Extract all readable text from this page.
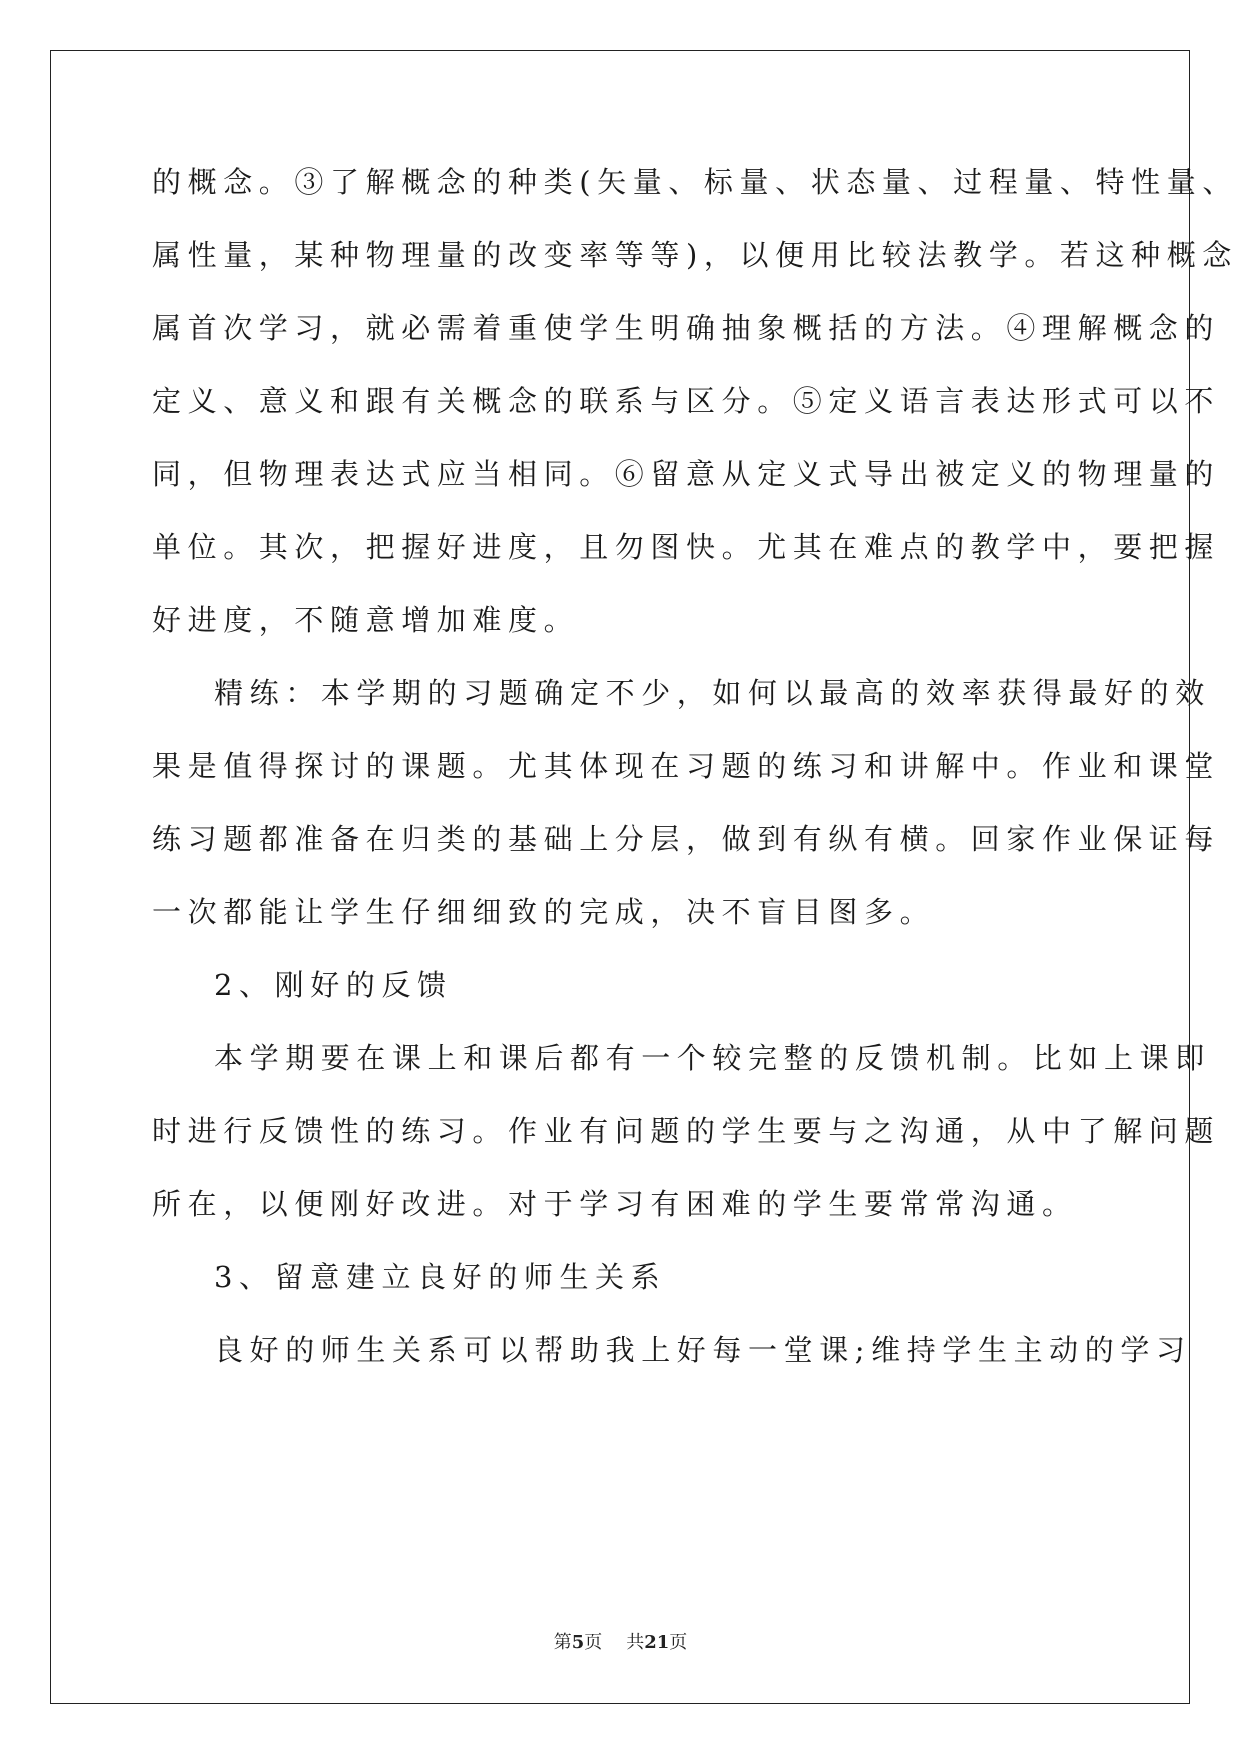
的概念。③了解概念的种类(矢量、标量、状态量、过程量、特性量、
属性量，某种物理量的改变率等等)，以便用比较法教学。若这种概念
属首次学习，就必需着重使学生明确抽象概括的方法。④理解概念的
定义、意义和跟有关概念的联系与区分。⑤定义语言表达形式可以不
同，但物理表达式应当相同。⑥留意从定义式导出被定义的物理量的
单位。其次，把握好进度，且勿图快。尤其在难点的教学中，要把握
好进度，不随意增加难度。
精练：本学期的习题确定不少，如何以最高的效率获得最好的效
果是值得探讨的课题。尤其体现在习题的练习和讲解中。作业和课堂
练习题都准备在归类的基础上分层，做到有纵有横。回家作业保证每
一次都能让学生仔细细致的完成，决不盲目图多。
2、刚好的反馈
本学期要在课上和课后都有一个较完整的反馈机制。比如上课即
时进行反馈性的练习。作业有问题的学生要与之沟通，从中了解问题
所在，以便刚好改进。对于学习有困难的学生要常常沟通。
3、留意建立良好的师生关系
良好的师生关系可以帮助我上好每一堂课;维持学生主动的学习
第5页 共21页
